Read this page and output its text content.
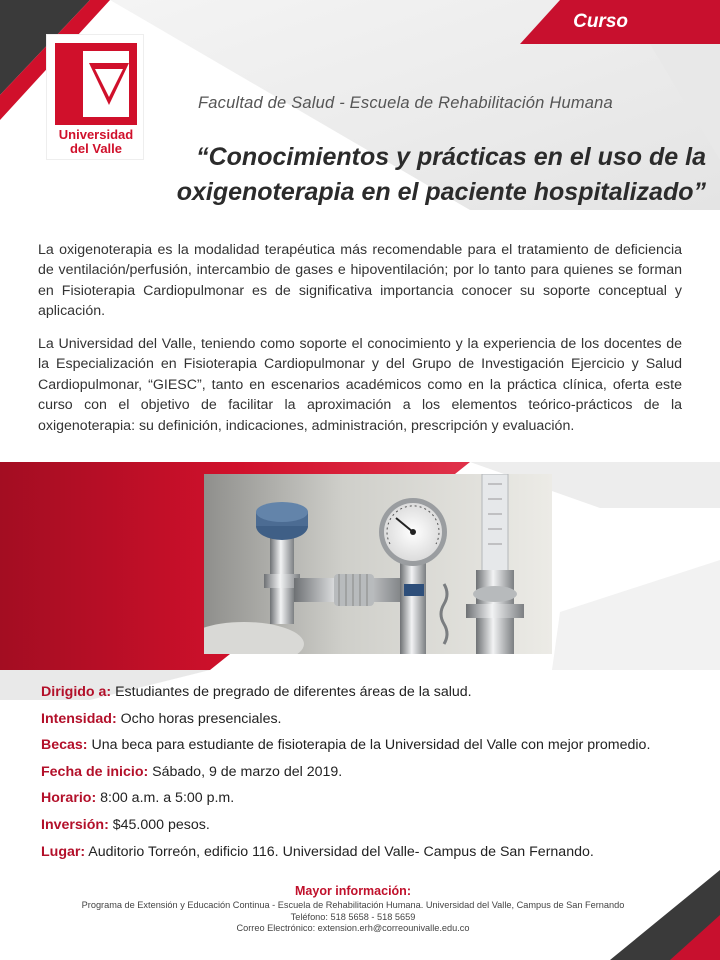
Curso
Universidad
del Valle
Facultad de Salud - Escuela de Rehabilitación Humana
“Conocimientos y prácticas en el uso de la
oxigenoterapia en el paciente hospitalizado”

La oxigenoterapia es la modalidad terapéutica más recomendable para el tratamiento de deficiencia de ventilación/perfusión, intercambio de gases e hipoventilación; por lo tanto para quienes se forman en Fisioterapia Cardiopulmonar es de significativa importancia conocer su soporte conceptual y aplicación.

La Universidad del Valle, teniendo como soporte el conocimiento y la experiencia de los docentes de la Especialización en Fisioterapia Cardiopulmonar y del Grupo de Investigación Ejercicio y Salud Cardiopulmonar, “GIESC”, tanto en escenarios académicos como en la práctica clínica, oferta este curso con el objetivo de facilitar la aproximación a los elementos teórico-prácticos de la oxigenoterapia: su definición, indicaciones, administración, prescripción y evaluación.

Dirigido a: Estudiantes de pregrado de diferentes áreas de la salud.
Intensidad: Ocho horas presenciales.
Becas: Una beca para estudiante de fisioterapia de la Universidad del Valle con mejor promedio.
Fecha de inicio: Sábado, 9 de marzo del 2019.
Horario: 8:00 a.m. a 5:00 p.m.
Inversión: $45.000 pesos.
Lugar: Auditorio Torreón, edificio 116. Universidad del Valle- Campus de San Fernando.
Mayor información:
Programa de Extensión y Educación Continua - Escuela de Rehabilitación Humana. Universidad del Valle, Campus de San Fernando
Teléfono: 518 5658 - 518 5659
Correo Electrónico: extension.erh@correounivalle.edu.co
